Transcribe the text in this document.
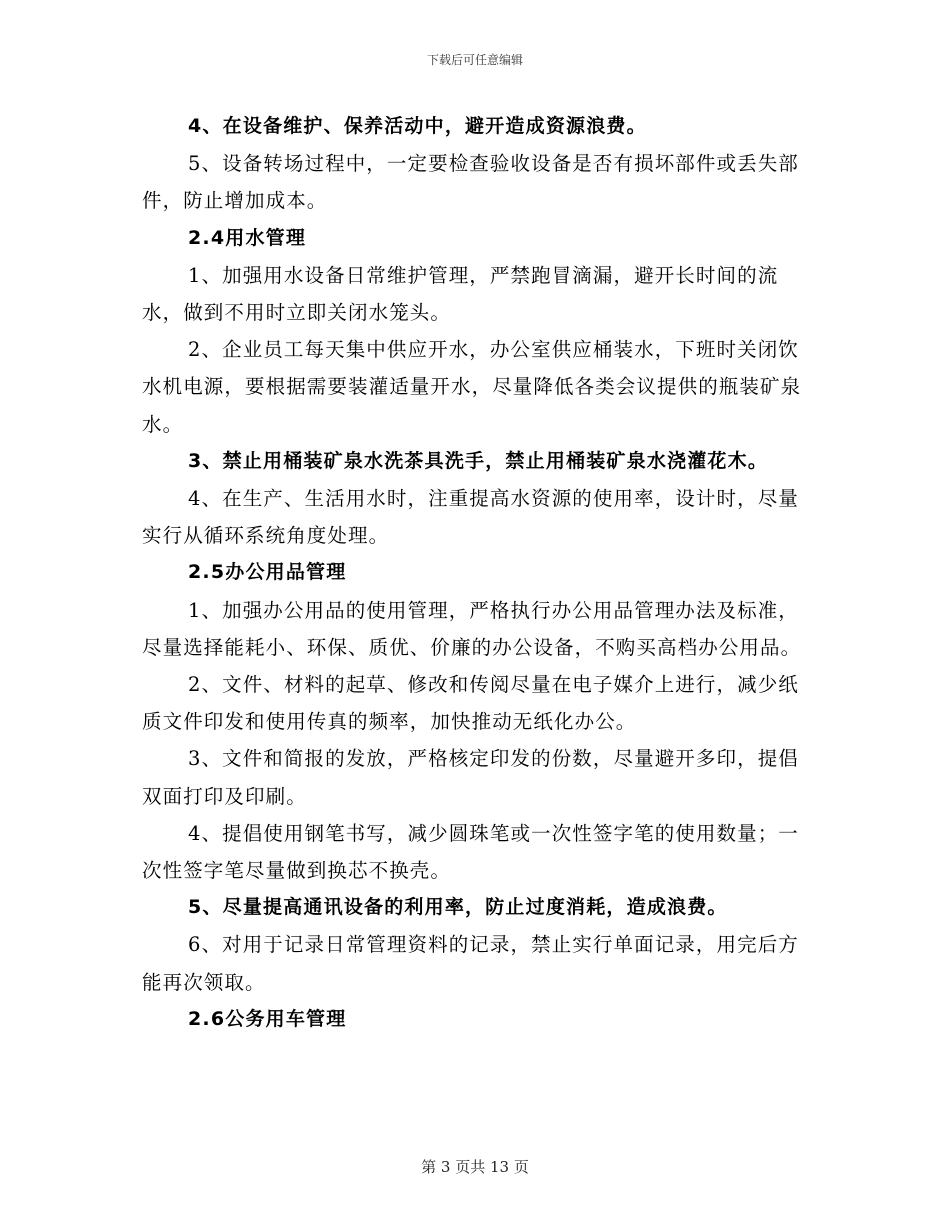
下载后可任意编辑

4、在设备维护、保养活动中，避开造成资源浪费。

5、设备转场过程中，一定要检查验收设备是否有损坏部件或丢失部件，防止增加成本。

2.4用水管理

1、加强用水设备日常维护管理，严禁跑冒滴漏，避开长时间的流水，做到不用时立即关闭水笼头。

2、企业员工每天集中供应开水，办公室供应桶装水，下班时关闭饮水机电源，要根据需要装灌适量开水，尽量降低各类会议提供的瓶装矿泉水。

3、禁止用桶装矿泉水洗茶具洗手，禁止用桶装矿泉水浇灌花木。

4、在生产、生活用水时，注重提高水资源的使用率，设计时，尽量实行从循环系统角度处理。

2.5办公用品管理

1、加强办公用品的使用管理，严格执行办公用品管理办法及标准，尽量选择能耗小、环保、质优、价廉的办公设备，不购买高档办公用品。

2、文件、材料的起草、修改和传阅尽量在电子媒介上进行，减少纸质文件印发和使用传真的频率，加快推动无纸化办公。

3、文件和简报的发放，严格核定印发的份数，尽量避开多印，提倡双面打印及印刷。

4、提倡使用钢笔书写，减少圆珠笔或一次性签字笔的使用数量；一次性签字笔尽量做到换芯不换壳。

5、尽量提高通讯设备的利用率，防止过度消耗，造成浪费。

6、对用于记录日常管理资料的记录，禁止实行单面记录，用完后方能再次领取。

2.6公务用车管理

第 3 页共 13 页
